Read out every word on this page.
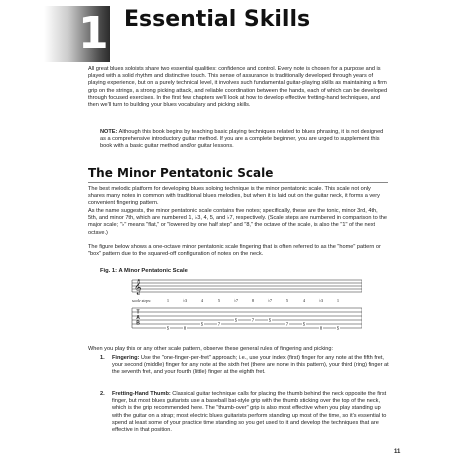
1 Essential Skills

All great blues soloists share two essential qualities: confidence and control. Every note is chosen for a purpose and is played with a solid rhythm and distinctive touch. This sense of assurance is traditionally developed through years of playing experience, but on a purely technical level, it involves such fundamental guitar-playing skills as maintaining a firm grip on the strings, a strong picking attack, and reliable coordination between the hands, each of which can be developed through focused exercises. In the first few chapters we'll look at how to develop effective fretting-hand techniques, and then we'll turn to building your blues vocabulary and picking skills.

NOTE: Although this book begins by teaching basic playing techniques related to blues phrasing, it is not designed as a comprehensive introductory guitar method. If you are a complete beginner, you are urged to supplement this book with a basic guitar method and/or guitar lessons.

The Minor Pentatonic Scale

The best melodic platform for developing blues soloing technique is the minor pentatonic scale. This scale not only shares many notes in common with traditional blues melodies, but when it is laid out on the guitar neck, it forms a very convenient fingering pattern.

As the name suggests, the minor pentatonic scale contains five notes; specifically, these are the tonic, minor 3rd, 4th, 5th, and minor 7th, which are numbered 1, ♭3, 4, 5, and ♭7, respectively. (Scale steps are numbered in comparison to the major scale; "♭" means "flat," or "lowered by one half step" and "8," the octave of the scale, is also the "1" of the next octave.)

The figure below shows a one-octave minor pentatonic scale fingering that is often referred to as the "home" pattern or "box" pattern due to the squared-off configuration of notes on the neck.

Fig. 1: A Minor Pentatonic Scale
𝄞
scale steps:	1	♭3	4	5	♭7	8	♭7	5	4	♭3	1
T
A
B
5	8
5	7
5	7	5
7	5
8	5

When you play this or any other scale pattern, observe these general rules of fingering and picking:

1. Fingering: Use the "one-finger-per-fret" approach; i.e., use your index (first) finger for any note at the fifth fret, your second (middle) finger for any note at the sixth fret (there are none in this pattern), your third (ring) finger at the seventh fret, and your fourth (little) finger at the eighth fret.
2. Fretting-Hand Thumb: Classical guitar technique calls for placing the thumb behind the neck opposite the first finger, but most blues guitarists use a baseball bat-style grip with the thumb sticking over the top of the neck, which is the grip recommended here. The "thumb-over" grip is also most effective when you play standing up with the guitar on a strap; most electric blues guitarists perform standing up most of the time, so it's essential to spend at least some of your practice time standing so you get used to it and develop the techniques that are effective in that position.
11
